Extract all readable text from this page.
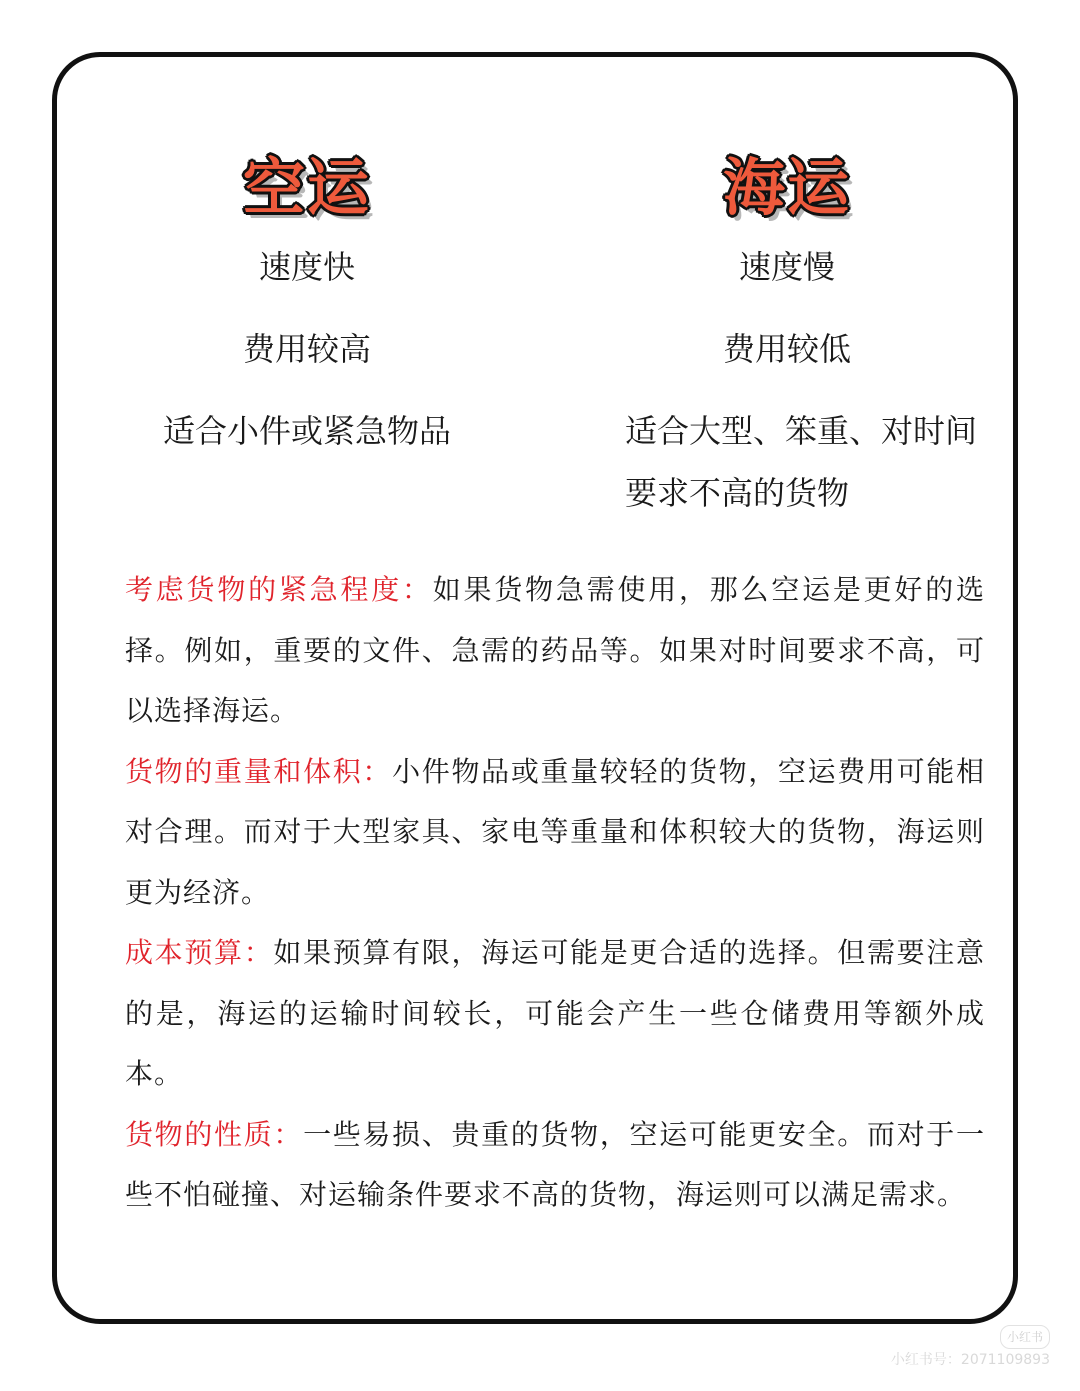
空运
速度快
费用较高
适合小件或紧急物品
海运
速度慢
费用较低
适合大型、笨重、对时间要求不高的货物

考虑货物的紧急程度：如果货物急需使用，那么空运是更好的选择。例如，重要的文件、急需的药品等。如果对时间要求不高，可以选择海运。

货物的重量和体积：小件物品或重量较轻的货物，空运费用可能相对合理。而对于大型家具、家电等重量和体积较大的货物，海运则更为经济。

成本预算：如果预算有限，海运可能是更合适的选择。但需要注意的是，海运的运输时间较长，可能会产生一些仓储费用等额外成本。

货物的性质：一些易损、贵重的货物，空运可能更安全。而对于一些不怕碰撞、对运输条件要求不高的货物，海运则可以满足需求。

小红书
小红书号：2071109893
